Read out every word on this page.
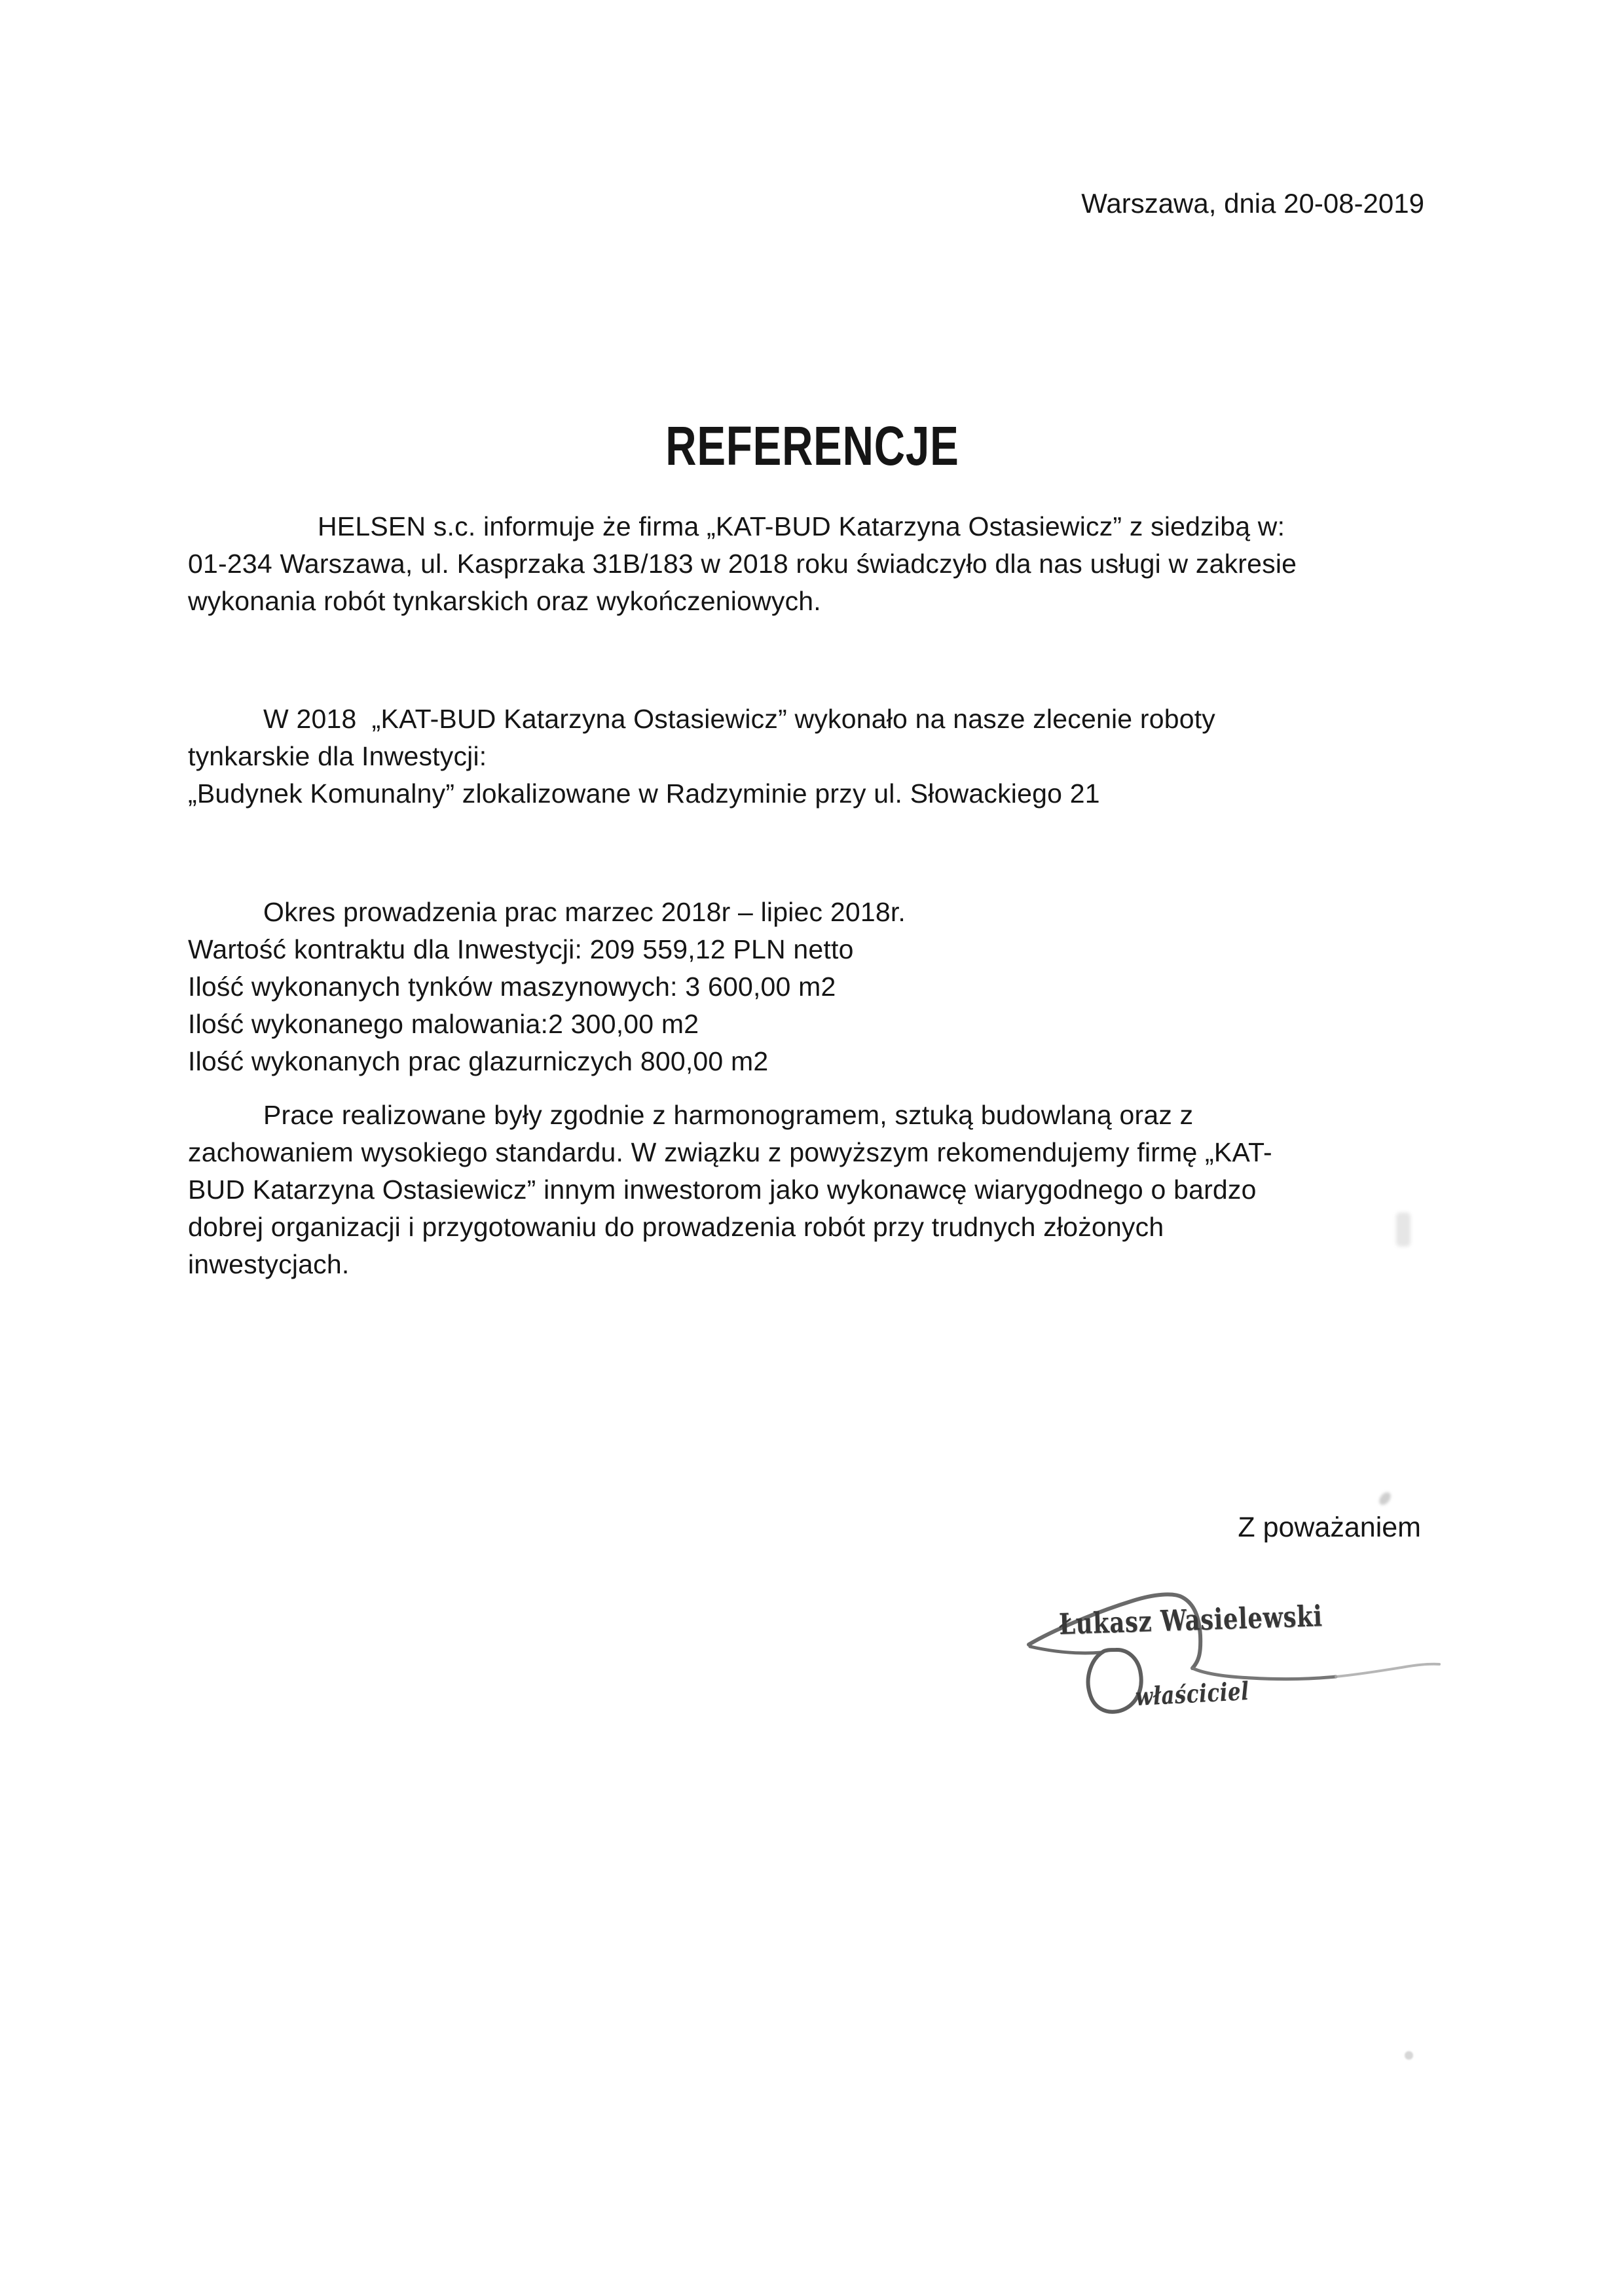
Warszawa, dnia 20-08-2019
REFERENCJE
HELSEN s.c. informuje że firma „KAT-BUD Katarzyna Ostasiewicz” z siedzibą w:
01-234 Warszawa, ul. Kasprzaka 31B/183 w 2018 roku świadczyło dla nas usługi w zakresie
wykonania robót tynkarskich oraz wykończeniowych.
W 2018  „KAT-BUD Katarzyna Ostasiewicz” wykonało na nasze zlecenie roboty
tynkarskie dla Inwestycji:
„Budynek Komunalny” zlokalizowane w Radzyminie przy ul. Słowackiego 21
Okres prowadzenia prac marzec 2018r – lipiec 2018r.
Wartość kontraktu dla Inwestycji: 209 559,12 PLN netto
Ilość wykonanych tynków maszynowych: 3 600,00 m2
Ilość wykonanego malowania:2 300,00 m2
Ilość wykonanych prac glazurniczych 800,00 m2
Prace realizowane były zgodnie z harmonogramem, sztuką budowlaną oraz z
zachowaniem wysokiego standardu. W związku z powyższym rekomendujemy firmę „KAT-
BUD Katarzyna Ostasiewicz” innym inwestorom jako wykonawcę wiarygodnego o bardzo
dobrej organizacji i przygotowaniu do prowadzenia robót przy trudnych złożonych
inwestycjach.
Z poważaniem
Łukasz Wasielewski
właściciel
